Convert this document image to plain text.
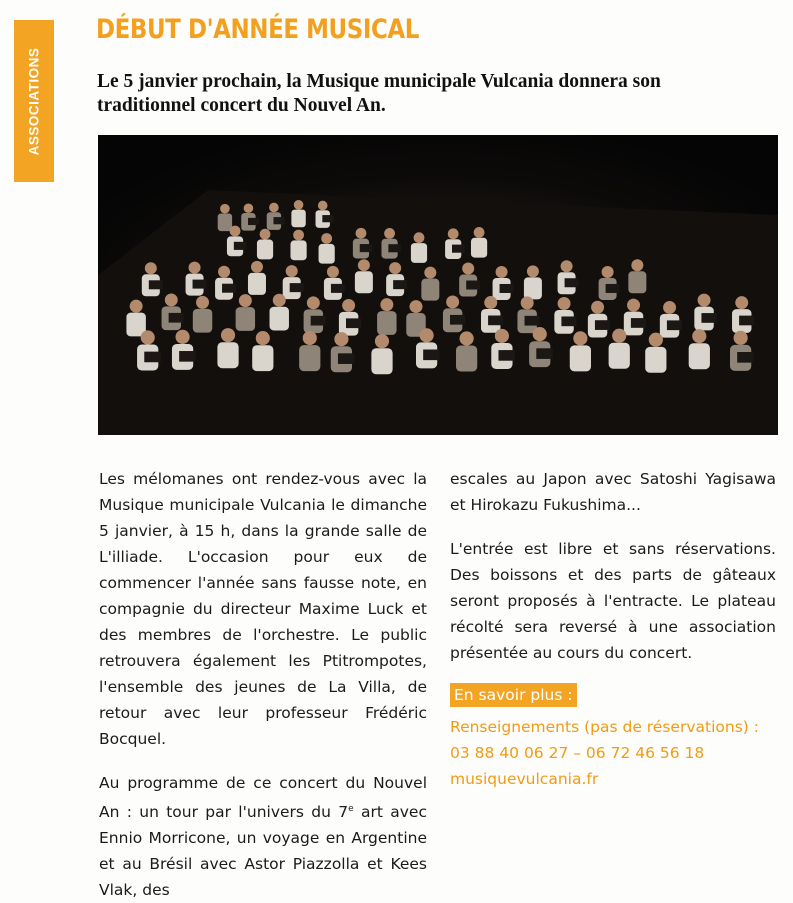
ASSOCIATIONS
DÉBUT D'ANNÉE MUSICAL
Le 5 janvier prochain, la Musique municipale Vulcania donnera son traditionnel concert du Nouvel An.

Les mélomanes ont rendez-vous avec la Musique municipale Vulcania le dimanche 5 janvier, à 15 h, dans la grande salle de L'illiade. L'occasion pour eux de commencer l'année sans fausse note, en compagnie du directeur Maxime Luck et des membres de l'orchestre. Le public retrouvera également les Ptitrompotes, l'ensemble des jeunes de La Villa, de retour avec leur professeur Frédéric Bocquel.

Au programme de ce concert du Nouvel An : un tour par l'univers du 7e art avec Ennio Morricone, un voyage en Argentine et au Brésil avec Astor Piazzolla et Kees Vlak, des

escales au Japon avec Satoshi Yagisawa et Hirokazu Fukushima...

L'entrée est libre et sans réservations. Des boissons et des parts de gâteaux seront proposés à l'entracte. Le plateau récolté sera reversé à une association présentée au cours du concert.

En savoir plus :
Renseignements (pas de réservations) :
03 88 40 06 27 – 06 72 46 56 18
musiquevulcania.fr
